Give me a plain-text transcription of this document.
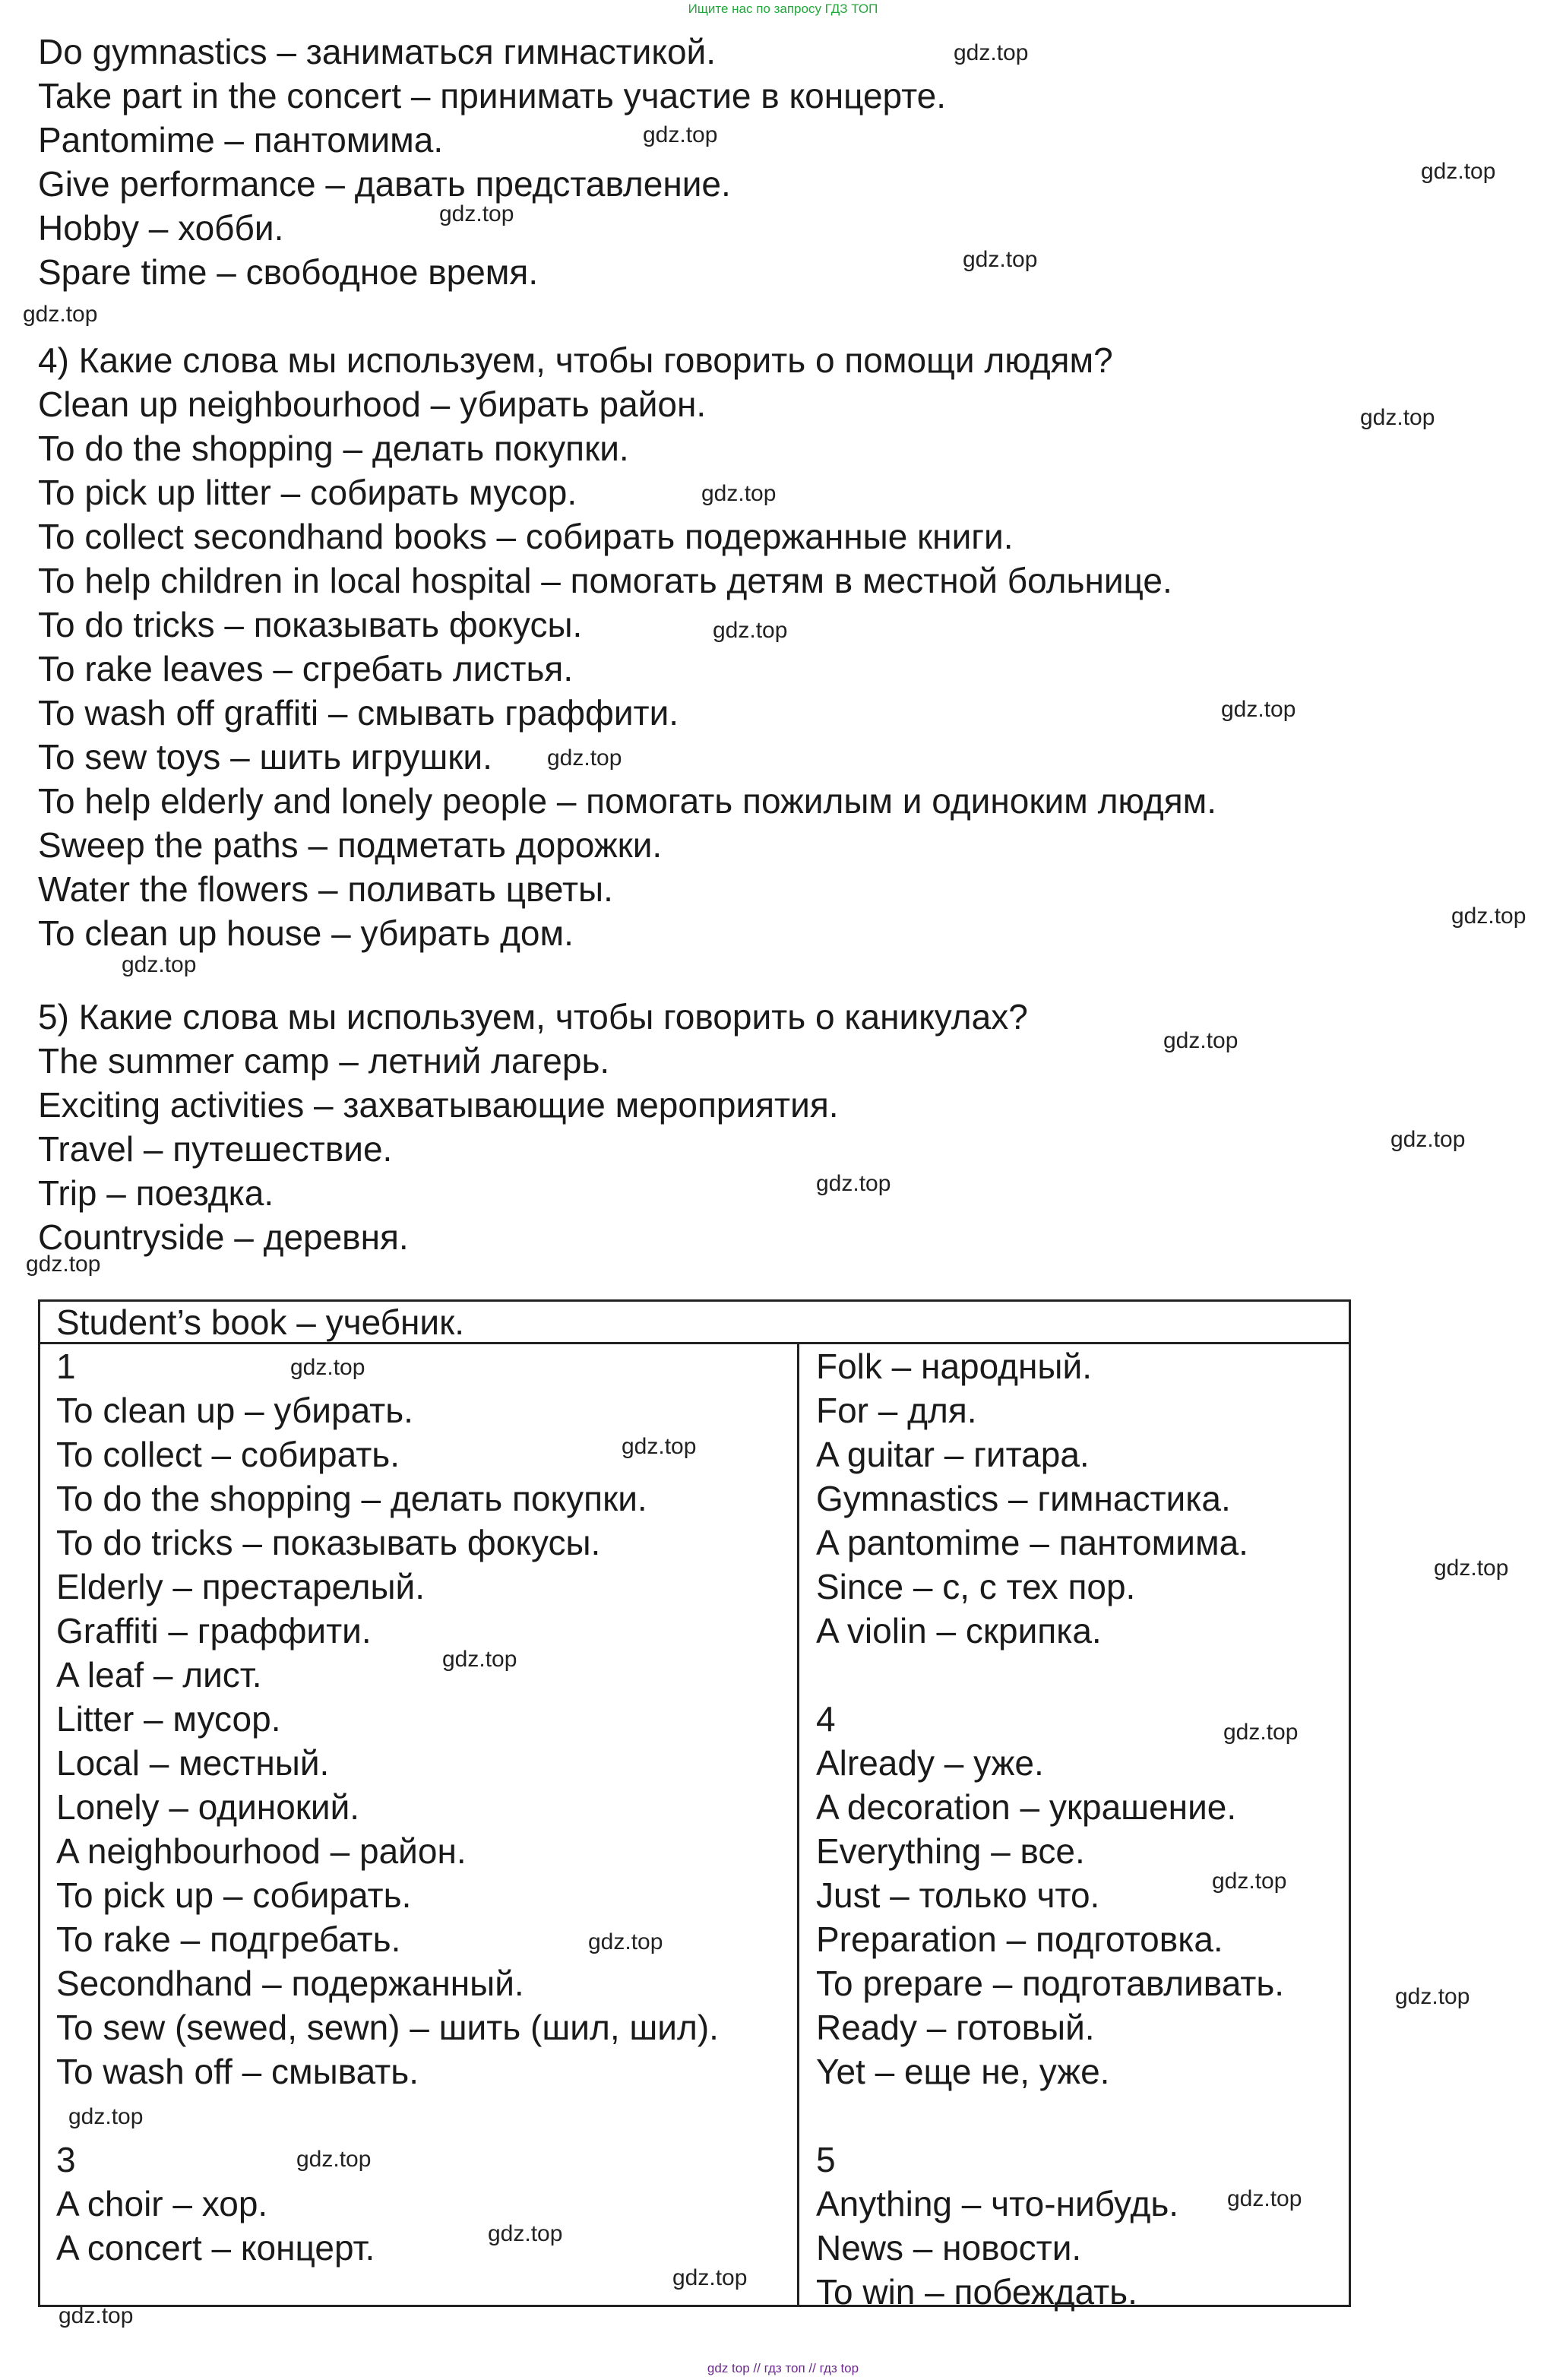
Ищите нас по запросу ГДЗ ТОП
Do gymnastics – заниматься гимнастикой.
Take part in the concert – принимать участие в концерте.
Pantomime – пантомима.
Give performance – давать представление.
Hobby – хобби.
Spare time – свободное время.
4) Какие слова мы используем, чтобы говорить о помощи людям?
Clean up neighbourhood – убирать район.
To do the shopping – делать покупки.
To pick up litter – собирать мусор.
To collect secondhand books – собирать подержанные книги.
To help children in local hospital – помогать детям в местной больнице.
To do tricks – показывать фокусы.
To rake leaves – сгребать листья.
To wash off graffiti – смывать граффити.
To sew toys – шить игрушки.
To help elderly and lonely people – помогать пожилым и одиноким людям.
Sweep the paths – подметать дорожки.
Water the flowers – поливать цветы.
To clean up house – убирать дом.
5) Какие слова мы используем, чтобы говорить о каникулах?
The summer camp – летний лагерь.
Exciting activities – захватывающие мероприятия.
Travel – путешествие.
Trip – поездка.
Countryside – деревня.
Student’s book – учебник.
1
To clean up – убирать.
To collect – собирать.
To do the shopping – делать покупки.
To do tricks – показывать фокусы.
Elderly – престарелый.
Graffiti – граффити.
A leaf – лист.
Litter – мусор.
Local – местный.
Lonely – одинокий.
A neighbourhood – район.
To pick up – собирать.
To rake – подгребать.
Secondhand – подержанный.
To sew (sewed, sewn) – шить (шил, шил).
To wash off – смывать.
3
A choir – хор.
A concert – концерт.
Folk – народный.
For – для.
A guitar – гитара.
Gymnastics – гимнастика.
A pantomime – пантомима.
Since – с, с тех пор.
A violin – скрипка.
4
Already – уже.
A decoration – украшение.
Everything – все.
Just – только что.
Preparation – подготовка.
To prepare – подготавливать.
Ready – готовый.
Yet – еще не, уже.
5
Anything – что-нибудь.
News – новости.
To win – побеждать.
gdz.top
gdz.top
gdz.top
gdz.top
gdz.top
gdz.top
gdz.top
gdz.top
gdz.top
gdz.top
gdz.top
gdz.top
gdz.top
gdz.top
gdz.top
gdz.top
gdz.top
gdz.top
gdz.top
gdz.top
gdz.top
gdz.top
gdz.top
gdz.top
gdz.top
gdz.top
gdz.top
gdz.top
gdz.top
gdz.top
gdz.top
gdz top // гдз топ // гдз top
